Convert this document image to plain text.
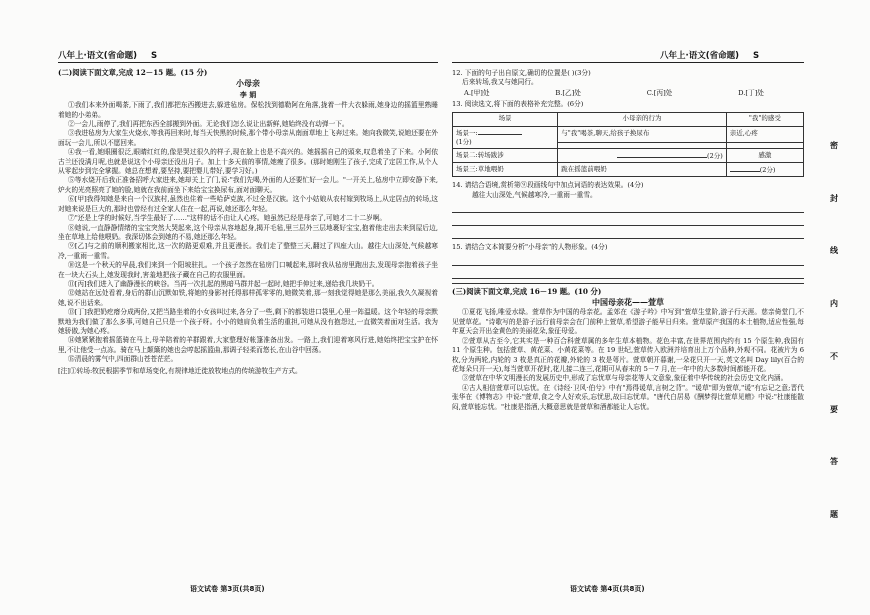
八年上·语文(省命题) S	八年上·语文(省命题) S
(二)阅读下面文章,完成 12－15 题。(15 分)
小母亲
李 娟
①我们本来外面喝茶,下雨了,我们都把东西搬进去,躲进毡房。保松找到德勒阿在角落,拢着一件大衣躲雨,她身边的摇篮里熟睡着她的小弟弟。
②一会儿,雨停了,我们再把东西全部搬到外面。无论我们怎么说让出新鲜,她始终没有动弹一下。
③我进毡房为大家生火烧水,等我再回来时,每当天快黑的时候,那个带小母亲从南面草地上飞奔过来。她向我微笑,说她还要在外面玩一会儿,所以不愿回来。
④我一看,她眼圈很泛,眼睛红红的,像是哭过很久的样子,现在脸上也是不高兴的。她摇摇自己的頭来,叹息着坐了下来。小阿依古兰还没满月呢,也就是说这个小母亲还没出月子。加上十多天前的事情,她瘦了很多。(那时她刚生了孩子,完成了定居工作,从个人从零起步到完全掌握。她总在想着,要坚持,要把婴儿带好,要学习好。)
⑤等水烧开后我正准备招呼大家进来,她却关上了门,说:"我们先喝,外面的人还要忙好一会儿。"一开关上,毡房中立即安静下来,炉火的光亮照亮了她的脸,她就在我前面坐下来给宝宝换尿布,面对面聊天。
⑥[甲]我得知她是来自一个汉族村,虽然也住着一些哈萨克族,不过全是汉族。这个小姑娘从农村嫁到牧场上,从定居点的转场,这对她来说是巨大的,那时也曾经有过全家人住在一起,再说,她还那么年轻。
⑦"还是上学的时候好,当学生最好了……"这样的话不由让人心疼。她虽然已经是母亲了,可她才二十二岁啊。
⑧她说,一直静静情绪的宝宝突然大哭起来,这个母亲从容地起身,揭开毛毡,里三层外三层地裹好宝宝,抱着他走出去来到屋后边,坐在草地上给他喂奶。我深切体会到她的不易,她还那么年轻。
⑨[乙]与之前的顺利搬家相比,这一次的路更艰难,并且更漫长。我们走了整整三天,翻过了四座大山。越往大山深处,气候越寒冷,一重雨一重雪。
⑩这是一个秋天的早晨,我们来到一个阳坡驻扎。一个孩子忽然在毡房门口喊起来,那时我从毡房里跑出去,发现母亲抱着孩子坐在一块大石头上,她发现我时,害羞地把孩子藏在自己的衣服里面。
⑪[丙]我们进入了幽静漫长的峡谷。当再一次扎起的黑暗马群并起一起时,她把手伸过来,递给我几块奶干。
⑫她站在远处看着,身后的群山沉默如铁,将她的身影衬托得那样孤零零的,她微笑着,那一刻我觉得她是那么美丽,我久久凝视着她,说不出话来。
⑬[丁]我把奶疙瘩分成两份,又把当路坐着的小女孩叫过来,各分了一些,剩下的都装进口袋里,心里一阵温暖。这个年轻的母亲默默地为我们做了那么多事,可她自己只是一个孩子呀。小小的她肩负着生活的重担,可她从没有抱怨过,一直微笑着面对生活。我为她骄傲,为她心疼。
⑭她紧紧抱着摇篮骑在马上,母羊陪着的羊群跟着,大家整理好帐篷准备出发。一路上,我们迎着寒风行进,她始终把宝宝护在怀里,不让他受一点冻。骑在马上颠簸的她也会哼起摇篮曲,那调子轻柔而悠长,在山谷中回荡。
⑮清晨的雾气中,四面群山苍苍茫茫。
[注]①转场:牧民根据季节和草场变化,有规律地迁徙放牧地点的传统游牧生产方式。
12. 下面的句子出自原文,确切的位置是( )(3分)
后来转场,我又与她同行。
A.[甲]处	B.[乙]处	C.[丙]处	D.[丁]处
13. 阅读选文,将下面的表格补充完整。(6分)
场景	小母亲的行为	"我"的感受
场景一:
(1分)	与"我"喝茶,聊天,给孩子换尿布	亲近,心疼

场景二:转场跋涉	(2分)	感激
场景三:草地喂奶	跪在摇篮前喂奶	(2分)
14. 请结合语境,赏析第⑨段画线句中加点词语的表达效果。(4分)
越往大山深处,气候越寒冷,一重雨一重雪。
15. 请结合文本简要分析"小母亲"的人物形象。(4分)
(三)阅读下面文章,完成 16－19 题。(10 分)
中国母亲花——萱草
①夏花飞扬,唯爱水绿。萱草作为中国的母亲花。孟郊在《游子吟》中写到"萱草生堂阶,游子行天涯。慈亲倚堂门,不见萱草花。"诗歌写的是游子远行前母亲会在门前种上萱草,希望游子能早日归来。萱草原产我国的本土植物,适应性强,每年夏天会开出金黄色的美丽花朵,象征母爱。
②萱草从古至今,它其实是一种百合科萱草属的多年生草本植物。花色丰富,在世界范围内约有 15 个原生种,我国有 11 个原生种。包括萱草、黄花菜、小黄花菜等。在 19 世纪,萱草传入欧洲并培育出上万个品种,外观不同。花被片为 6 枚,分为两轮,内轮的 3 枚是真正的花瓣,外轮的 3 枚是萼片。萱草朝开暮谢,一朵花只开一天,英文名叫 Day lily(百合的花每朵只开一天),每当萱草开花时,花儿接二连三,花期可从春末的 5－7 月,在一年中的大多数时间都能开花。
③萱草在中华文明漫长的发展历史中,形成了忘忧草与母亲花等人文意象,象征着中华传统的社会历史文化内涵。
④古人相信萱草可以忘忧。在《诗经·卫风·伯兮》中有"焉得谖草,言树之背"。"谖草"即为萱草,"谖"有忘记之意;晋代张华在《博物志》中说:"萱草,食之令人好欢乐,忘忧思,故曰忘忧草。"唐代白居易《酬梦得比萱草见赠》中说:"杜康能散闷,萱草能忘忧。"杜康是指酒,大概意思就是萱草和酒都能让人忘忧。
语文试卷 第3页(共8页)	语文试卷 第4页(共8页)
密
封
线
内
不
要
答
题
